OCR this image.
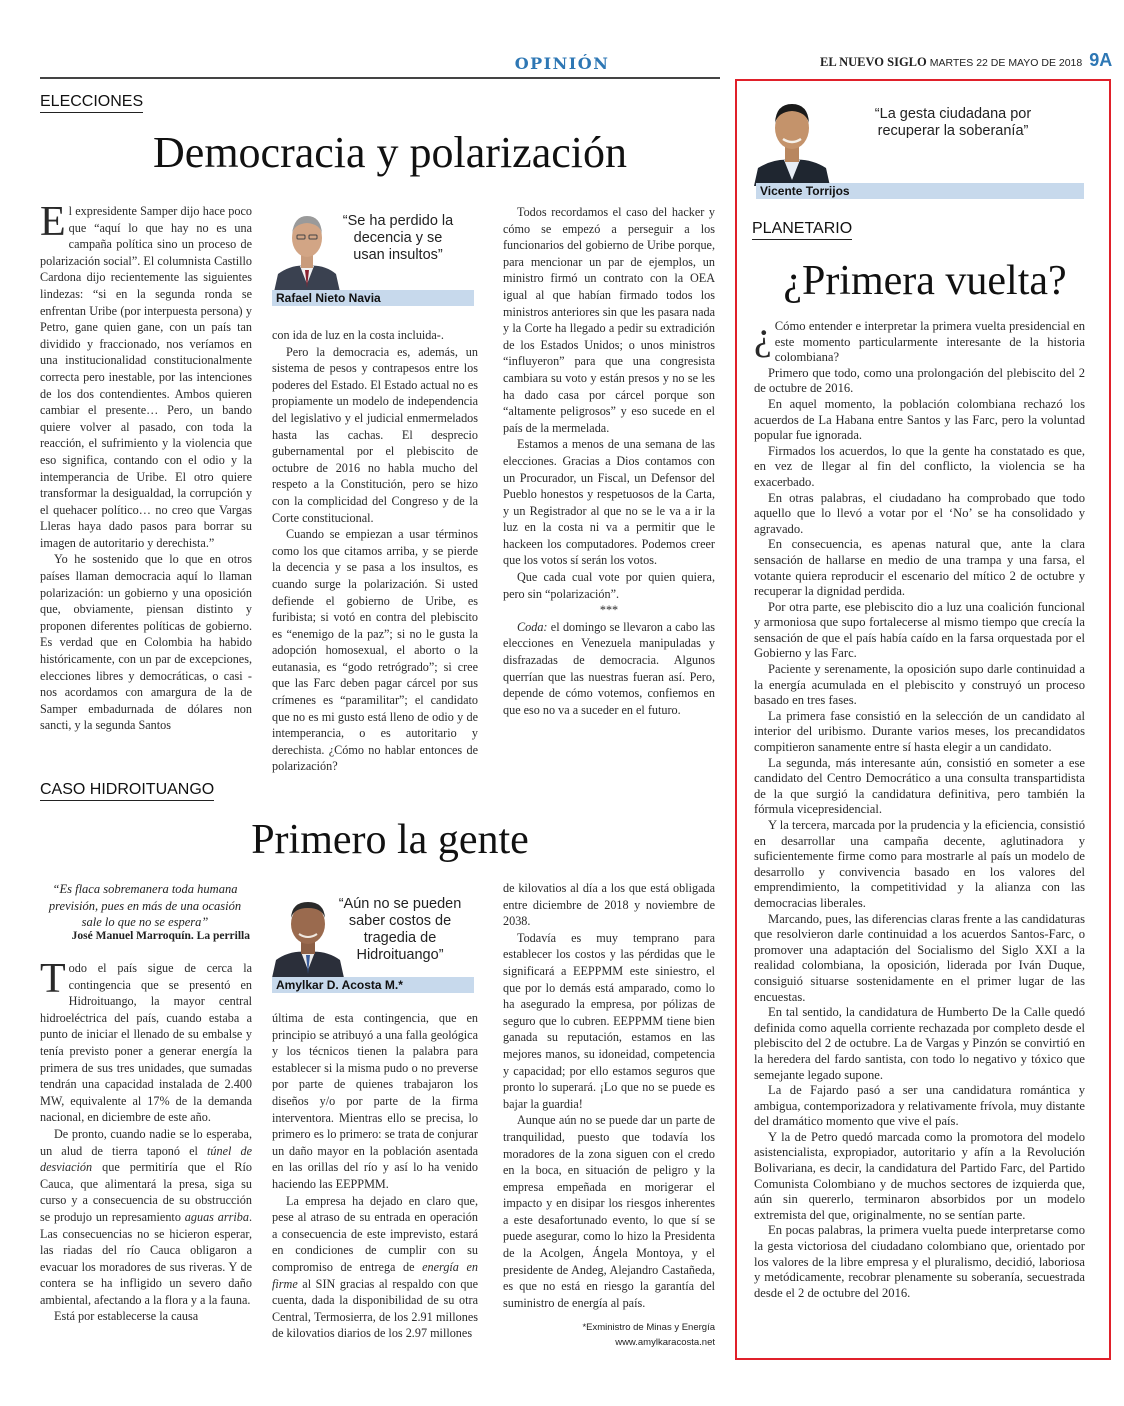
OPINIÓN	EL NUEVO SIGLO MARTES 22 DE MAYO DE 2018 9A
ELECCIONES
Democracia y polarización

El expresidente Samper dijo hace poco que “aquí lo que hay no es una campaña política sino un proceso de polarización social”. El columnista Castillo Cardona dijo recientemente las siguientes lindezas: “si en la segunda ronda se enfrentan Uribe (por interpuesta persona) y Petro, gane quien gane, con un país tan dividido y fraccionado, nos veríamos en una institucionalidad constitucionalmente correcta pero inestable, por las intenciones de los dos contendientes. Ambos quieren cambiar el presente… Pero, un bando quiere volver al pasado, con toda la reacción, el sufrimiento y la violencia que eso significa, contando con el odio y la intemperancia de Uribe. El otro quiere transformar la desigualdad, la corrupción y el quehacer político… no creo que Vargas Lleras haya dado pasos para borrar su imagen de autoritario y derechista.”

Yo he sostenido que lo que en otros países llaman democracia aquí lo llaman polarización: un gobierno y una oposición que, obviamente, piensan distinto y proponen diferentes políticas de gobierno. Es verdad que en Colombia ha habido históricamente, con un par de excepciones, elecciones libres y democráticas, o casi - nos acordamos con amargura de la de Samper embadurnada de dólares non sancti, y la segunda Santos

“Se ha perdido la decencia y se usan insultos”
Rafael Nieto Navia

con ida de luz en la costa incluida-.

Pero la democracia es, además, un sistema de pesos y contrapesos entre los poderes del Estado. El Estado actual no es propiamente un modelo de independencia del legislativo y el judicial enmermelados hasta las cachas. El desprecio gubernamental por el plebiscito de octubre de 2016 no habla mucho del respeto a la Constitución, pero se hizo con la complicidad del Congreso y de la Corte constitucional.

Cuando se empiezan a usar términos como los que citamos arriba, y se pierde la decencia y se pasa a los insultos, es cuando surge la polarización. Si usted defiende el gobierno de Uribe, es furibista; si votó en contra del plebiscito es “enemigo de la paz”; si no le gusta la adopción homosexual, el aborto o la eutanasia, es “godo retrógrado”; si cree que las Farc deben pagar cárcel por sus crímenes es “paramilitar”; el candidato que no es mi gusto está lleno de odio y de intemperancia, o es autoritario y derechista. ¿Cómo no hablar entonces de polarización?

Todos recordamos el caso del hacker y cómo se empezó a perseguir a los funcionarios del gobierno de Uribe porque, para mencionar un par de ejemplos, un ministro firmó un contrato con la OEA igual al que habían firmado todos los ministros anteriores sin que les pasara nada y la Corte ha llegado a pedir su extradición de los Estados Unidos; o unos ministros “influyeron” para que una congresista cambiara su voto y están presos y no se les ha dado casa por cárcel porque son “altamente peligrosos” y eso sucede en el país de la mermelada.

Estamos a menos de una semana de las elecciones. Gracias a Dios contamos con un Procurador, un Fiscal, un Defensor del Pueblo honestos y respetuosos de la Carta, y un Registrador al que no se le va a ir la luz en la costa ni va a permitir que le hackeen los computadores. Podemos creer que los votos sí serán los votos.

Que cada cual vote por quien quiera, pero sin “polarización”.

***

Coda: el domingo se llevaron a cabo las elecciones en Venezuela manipuladas y disfrazadas de democracia. Algunos querrían que las nuestras fueran así. Pero, depende de cómo votemos, confiemos en que eso no va a suceder en el futuro.

CASO HIDROITUANGO
Primero la gente
“Es flaca sobremanera toda humana previsión, pues en más de una ocasión sale lo que no se espera”
José Manuel Marroquín. La perrilla

Todo el país sigue de cerca la contingencia que se presentó en Hidroituango, la mayor central hidroeléctrica del país, cuando estaba a punto de iniciar el llenado de su embalse y tenía previsto poner a generar energía la primera de sus tres unidades, que sumadas tendrán una capacidad instalada de 2.400 MW, equivalente al 17% de la demanda nacional, en diciembre de este año.

De pronto, cuando nadie se lo esperaba, un alud de tierra taponó el túnel de desviación que permitiría que el Río Cauca, que alimentará la presa, siga su curso y a consecuencia de su obstrucción se produjo un represamiento aguas arriba. Las consecuencias no se hicieron esperar, las riadas del río Cauca obligaron a evacuar los moradores de sus riveras. Y de contera se ha infligido un severo daño ambiental, afectando a la flora y a la fauna.

Está por establecerse la causa

“Aún no se pueden saber costos de tragedia de Hidroituango”
Amylkar D. Acosta M.*

última de esta contingencia, que en principio se atribuyó a una falla geológica y los técnicos tienen la palabra para establecer si la misma pudo o no preverse por parte de quienes trabajaron los diseños y/o por parte de la firma interventora. Mientras ello se precisa, lo primero es lo primero: se trata de conjurar un daño mayor en la población asentada en las orillas del río y así lo ha venido haciendo las EEPPMM.

La empresa ha dejado en claro que, pese al atraso de su entrada en operación a consecuencia de este imprevisto, estará en condiciones de cumplir con su compromiso de entrega de energía en firme al SIN gracias al respaldo con que cuenta, dada la disponibilidad de su otra Central, Termosierra, de los 2.91 millones de kilovatios diarios de los 2.97 millones

de kilovatios al día a los que está obligada entre diciembre de 2018 y noviembre de 2038.

Todavía es muy temprano para establecer los costos y las pérdidas que le significará a EEPPMM este siniestro, el que por lo demás está amparado, como lo ha asegurado la empresa, por pólizas de seguro que lo cubren. EEPPMM tiene bien ganada su reputación, estamos en las mejores manos, su idoneidad, competencia y capacidad; por ello estamos seguros que pronto lo superará. ¡Lo que no se puede es bajar la guardia!

Aunque aún no se puede dar un parte de tranquilidad, puesto que todavía los moradores de la zona siguen con el credo en la boca, en situación de peligro y la empresa empeñada en morigerar el impacto y en disipar los riesgos inherentes a este desafortunado evento, lo que sí se puede asegurar, como lo hizo la Presidenta de la Acolgen, Ángela Montoya, y el presidente de Andeg, Alejandro Castañeda, es que no está en riesgo la garantía del suministro de energía al país.

*Exministro de Minas y Energía
www.amylkaracosta.net
“La gesta ciudadana por recuperar la soberanía”
Vicente Torrijos
PLANETARIO
¿Primera vuelta?

¿ Cómo entender e interpretar la primera vuelta presidencial en este momento particularmente interesante de la historia colombiana?

Primero que todo, como una prolongación del plebiscito del 2 de octubre de 2016.

En aquel momento, la población colombiana rechazó los acuerdos de La Habana entre Santos y las Farc, pero la voluntad popular fue ignorada.

Firmados los acuerdos, lo que la gente ha constatado es que, en vez de llegar al fin del conflicto, la violencia se ha exacerbado.

En otras palabras, el ciudadano ha comprobado que todo aquello que lo llevó a votar por el ‘No’ se ha consolidado y agravado.

En consecuencia, es apenas natural que, ante la clara sensación de hallarse en medio de una trampa y una farsa, el votante quiera reproducir el escenario del mítico 2 de octubre y recuperar la dignidad perdida.

Por otra parte, ese plebiscito dio a luz una coalición funcional y armoniosa que supo fortalecerse al mismo tiempo que crecía la sensación de que el país había caído en la farsa orquestada por el Gobierno y las Farc.

Paciente y serenamente, la oposición supo darle continuidad a la energía acumulada en el plebiscito y construyó un proceso basado en tres fases.

La primera fase consistió en la selección de un candidato al interior del uribismo. Durante varios meses, los precandidatos compitieron sanamente entre sí hasta elegir a un candidato.

La segunda, más interesante aún, consistió en someter a ese candidato del Centro Democrático a una consulta transpartidista de la que surgió la candidatura definitiva, pero también la fórmula vicepresidencial.

Y la tercera, marcada por la prudencia y la eficiencia, consistió en desarrollar una campaña decente, aglutinadora y suficientemente firme como para mostrarle al país un modelo de desarrollo y convivencia basado en los valores del emprendimiento, la competitividad y la alianza con las democracias liberales.

Marcando, pues, las diferencias claras frente a las candidaturas que resolvieron darle continuidad a los acuerdos Santos-Farc, o promover una adaptación del Socialismo del Siglo XXI a la realidad colombiana, la oposición, liderada por Iván Duque, consiguió situarse sostenidamente en el primer lugar de las encuestas.

En tal sentido, la candidatura de Humberto De la Calle quedó definida como aquella corriente rechazada por completo desde el plebiscito del 2 de octubre. La de Vargas y Pinzón se convirtió en la heredera del fardo santista, con todo lo negativo y tóxico que semejante legado supone.

La de Fajardo pasó a ser una candidatura romántica y ambigua, contemporizadora y relativamente frívola, muy distante del dramático momento que vive el país.

Y la de Petro quedó marcada como la promotora del modelo asistencialista, expropiador, autoritario y afín a la Revolución Bolivariana, es decir, la candidatura del Partido Farc, del Partido Comunista Colombiano y de muchos sectores de izquierda que, aún sin quererlo, terminaron absorbidos por un modelo extremista del que, originalmente, no se sentían parte.

En pocas palabras, la primera vuelta puede interpretarse como la gesta victoriosa del ciudadano colombiano que, orientado por los valores de la libre empresa y el pluralismo, decidió, laboriosa y metódicamente, recobrar plenamente su soberanía, secuestrada desde el 2 de octubre del 2016.
